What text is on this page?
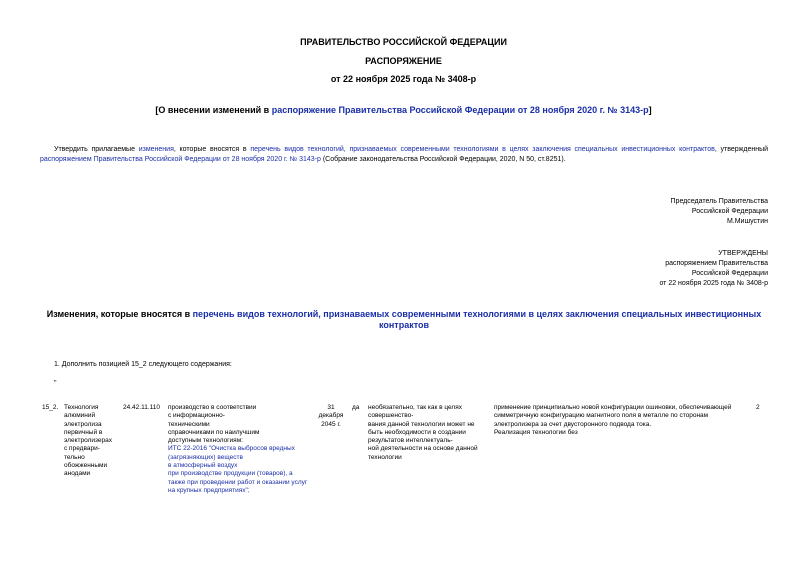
ПРАВИТЕЛЬСТВО РОССИЙСКОЙ ФЕДЕРАЦИИ
РАСПОРЯЖЕНИЕ
от 22 ноября 2025 года № 3408-р
[О внесении изменений в распоряжение Правительства Российской Федерации от 28 ноября 2020 г. № 3143-р]
Утвердить прилагаемые изменения, которые вносятся в перечень видов технологий, признаваемых современными технологиями в целях заключения специальных инвестиционных контрактов, утвержденный распоряжением Правительства Российской Федерации от 28 ноября 2020 г. № 3143-р (Собрание законодательства Российской Федерации, 2020, N 50, ст.8251).
Председатель Правительства
Российской Федерации
М.Мишустин
УТВЕРЖДЕНЫ
распоряжением Правительства
Российской Федерации
от 22 ноября 2025 года № 3408-р
Изменения, которые вносятся в перечень видов технологий, признаваемых современными технологиями в целях заключения специальных инвестиционных
контрактов
1. Дополнить позицией 15_2 следующего содержания:
"
15_2. Технология
алюминий
электролиза
первичный в
электролизерах
с предвари-
тельно
обожженными
анодами
24.42.11.110 производство в соответствии
с информационно-
техническими
справочниками по наилучшим
доступным технологиям:
ИТС 22-2016 "Очистка выбросов вредных
(загрязняющих) веществ
в атмосферный воздух
при производстве продукции (товаров), а
также при проведении работ и оказании услуг
на крупных предприятиях";
31
декабря
2045 г.
да необязательно, так как в целях
совершенство-
вания данной технологии может не
быть необходимости в создании
результатов интеллектуаль-
ной деятельности на основе данной
технологии
применение принципиально новой конфигурации ошиновки, обеспечивающей
симметричную конфигурацию магнитного поля в металле по сторонам
электролизера за счет двусторонного подвода тока.
Реализация технологии без
2
